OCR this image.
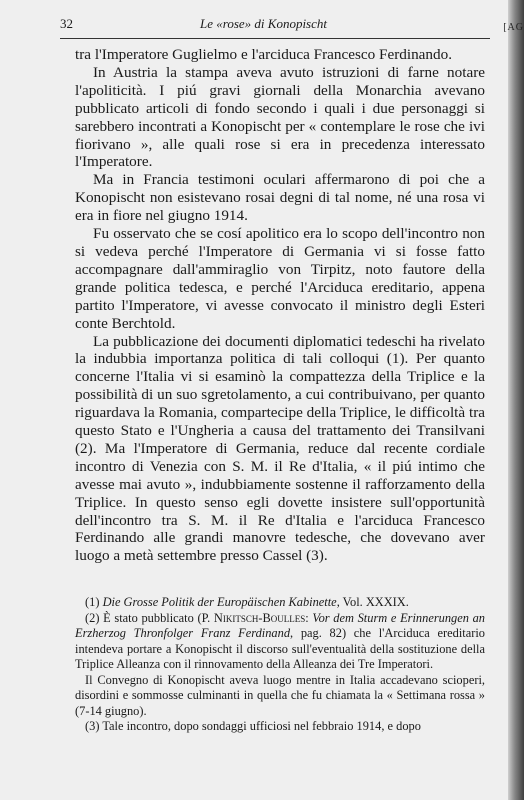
32	Le «rose» di Konopischt

tra l'Imperatore Guglielmo e l'arciduca Francesco Ferdinando.

In Austria la stampa aveva avuto istruzioni di farne notare l'apoliticità. I piú gravi giornali della Monarchia avevano pubblicato articoli di fondo secondo i quali i due personaggi si sarebbero incontrati a Konopischt per « contemplare le rose che ivi fiorivano », alle quali rose si era in precedenza interessato l'Imperatore.

Ma in Francia testimoni oculari affermarono di poi che a Konopischt non esistevano rosai degni di tal nome, né una rosa vi era in fiore nel giugno 1914.

Fu osservato che se cosí apolitico era lo scopo dell'incontro non si vedeva perché l'Imperatore di Germania vi si fosse fatto accompagnare dall'ammiraglio von Tirpitz, noto fautore della grande politica tedesca, e perché l'Arciduca ereditario, appena partito l'Imperatore, vi avesse convocato il ministro degli Esteri conte Berchtold.

La pubblicazione dei documenti diplomatici tedeschi ha rivelato la indubbia importanza politica di tali colloqui (1). Per quanto concerne l'Italia vi si esaminò la compattezza della Triplice e la possibilità di un suo sgretolamento, a cui contribuivano, per quanto riguardava la Romania, compartecipe della Triplice, le difficoltà tra questo Stato e l'Ungheria a causa del trattamento dei Transilvani (2). Ma l'Imperatore di Germania, reduce dal recente cordiale incontro di Venezia con S. M. il Re d'Italia, « il piú intimo che avesse mai avuto », indubbiamente sostenne il rafforzamento della Triplice. In questo senso egli dovette insistere sull'opportunità dell'incontro tra S. M. il Re d'Italia e l'arciduca Francesco Ferdinando alle grandi manovre tedesche, che dovevano aver luogo a metà settembre presso Cassel (3).

(1) Die Grosse Politik der Europäischen Kabinette, Vol. XXXIX.

(2) È stato pubblicato (P. Nikitsch-Boulles: Vor dem Sturm e Erinnerungen an Erzherzog Thronfolger Franz Ferdinand, pag. 82) che l'Arciduca ereditario intendeva portare a Konopischt il discorso sull'eventualità della sostituzione della Triplice Alleanza con il rinnovamento della Alleanza dei Tre Imperatori.

Il Convegno di Konopischt aveva luogo mentre in Italia accadevano scioperi, disordini e sommosse culminanti in quella che fu chiamata la « Settimana rossa » (7-14 giugno).

(3) Tale incontro, dopo sondaggi ufficiosi nel febbraio 1914, e dopo

[AG
